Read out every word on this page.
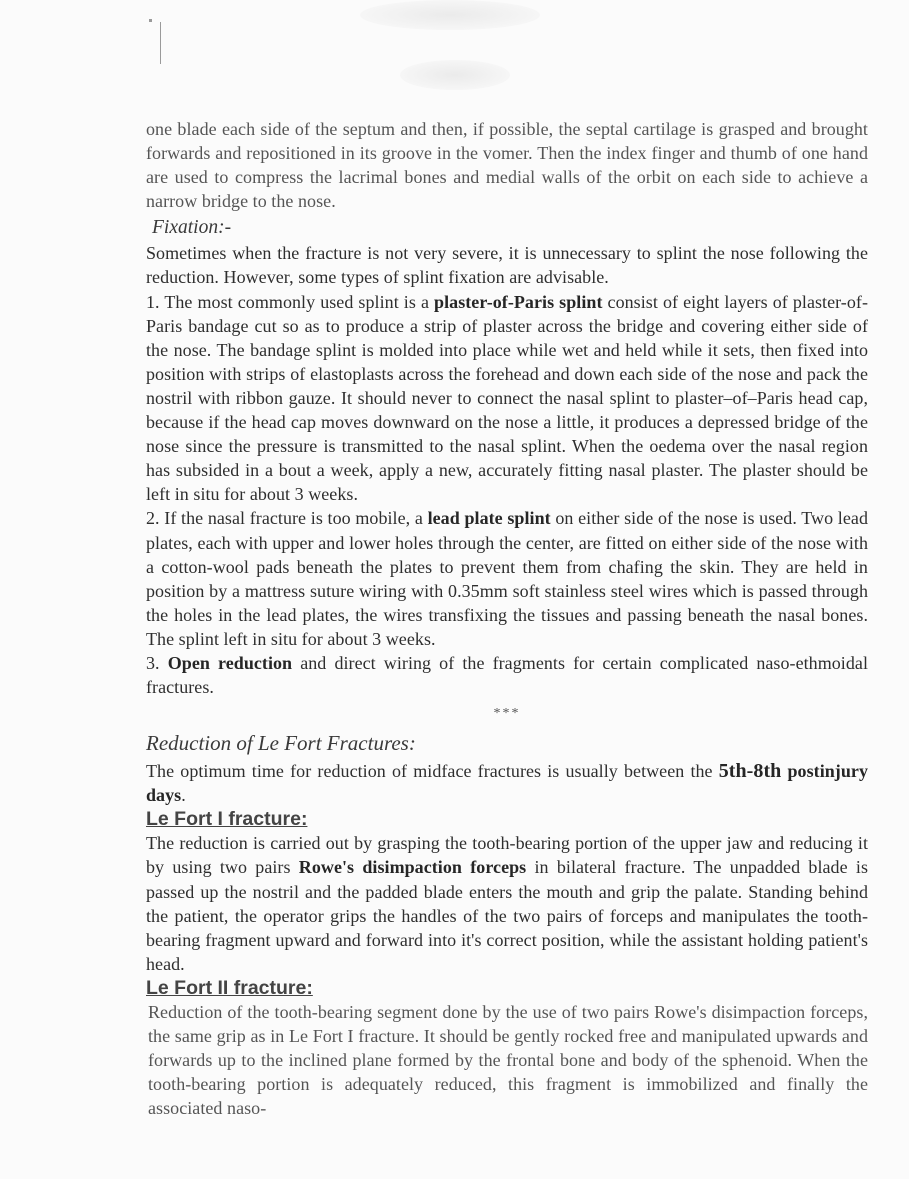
one blade each side of the septum and then, if possible, the septal cartilage is grasped and brought forwards and repositioned in its groove in the vomer. Then the index finger and thumb of one hand are used to compress the lacrimal bones and medial walls of the orbit on each side to achieve a narrow bridge to the nose.

Fixation:-

Sometimes when the fracture is not very severe, it is unnecessary to splint the nose following the reduction. However, some types of splint fixation are advisable.

1. The most commonly used splint is a plaster-of-Paris splint consist of eight layers of plaster-of-Paris bandage cut so as to produce a strip of plaster across the bridge and covering either side of the nose. The bandage splint is molded into place while wet and held while it sets, then fixed into position with strips of elastoplasts across the forehead and down each side of the nose and pack the nostril with ribbon gauze. It should never to connect the nasal splint to plaster–of–Paris head cap, because if the head cap moves downward on the nose a little, it produces a depressed bridge of the nose since the pressure is transmitted to the nasal splint. When the oedema over the nasal region has subsided in a bout a week, apply a new, accurately fitting nasal plaster. The plaster should be left in situ for about 3 weeks.

2. If the nasal fracture is too mobile, a lead plate splint on either side of the nose is used. Two lead plates, each with upper and lower holes through the center, are fitted on either side of the nose with a cotton-wool pads beneath the plates to prevent them from chafing the skin. They are held in position by a mattress suture wiring with 0.35mm soft stainless steel wires which is passed through the holes in the lead plates, the wires transfixing the tissues and passing beneath the nasal bones. The splint left in situ for about 3 weeks.

3. Open reduction and direct wiring of the fragments for certain complicated naso-ethmoidal fractures.

***
Reduction of Le Fort Fractures:

The optimum time for reduction of midface fractures is usually between the 5th-8th postinjury days.

Le Fort I fracture:

The reduction is carried out by grasping the tooth-bearing portion of the upper jaw and reducing it by using two pairs Rowe's disimpaction forceps in bilateral fracture. The unpadded blade is passed up the nostril and the padded blade enters the mouth and grip the palate. Standing behind the patient, the operator grips the handles of the two pairs of forceps and manipulates the tooth-bearing fragment upward and forward into it's correct position, while the assistant holding patient's head.

Le Fort II fracture:

Reduction of the tooth-bearing segment done by the use of two pairs Rowe's disimpaction forceps, the same grip as in Le Fort I fracture. It should be gently rocked free and manipulated upwards and forwards up to the inclined plane formed by the frontal bone and body of the sphenoid. When the tooth-bearing portion is adequately reduced, this fragment is immobilized and finally the associated naso-
